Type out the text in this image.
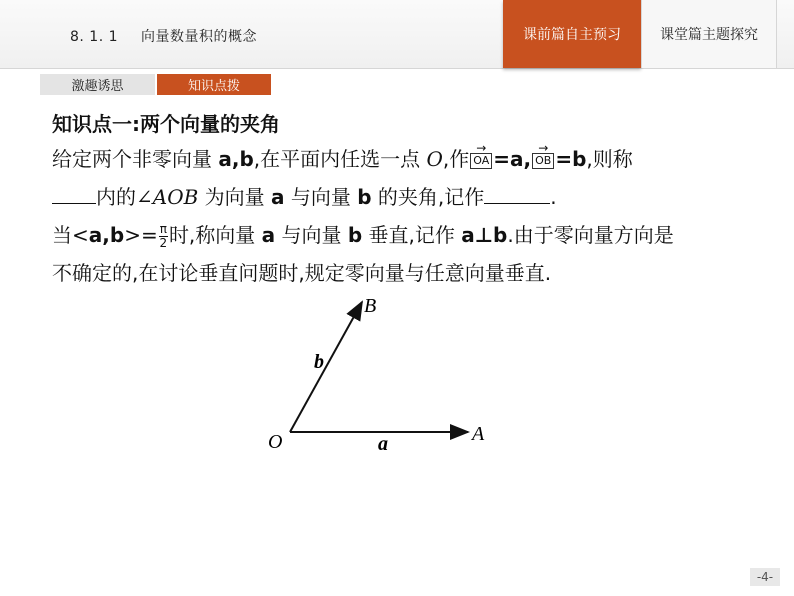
8. 1. 1 向量数量积的概念	课前篇自主预习	课堂篇主题探究
激趣诱思	知识点拨
知识点一:两个向量的夹角
给定两个非零向量 a,b,在平面内任选一点 O,作 →
OA =a, →
OB =b,则称
内的∠AOB 为向量 a 与向量 b 的夹角,记作	.
当$<a,b>= \frac{\pi}{2}$ 时,称向量 a 与向量 b 垂直,记作 a⊥b.由于零向量方向是
不确定的,在讨论垂直问题时,规定零向量与任意向量垂直.
O	A
B
a
b
-4-
